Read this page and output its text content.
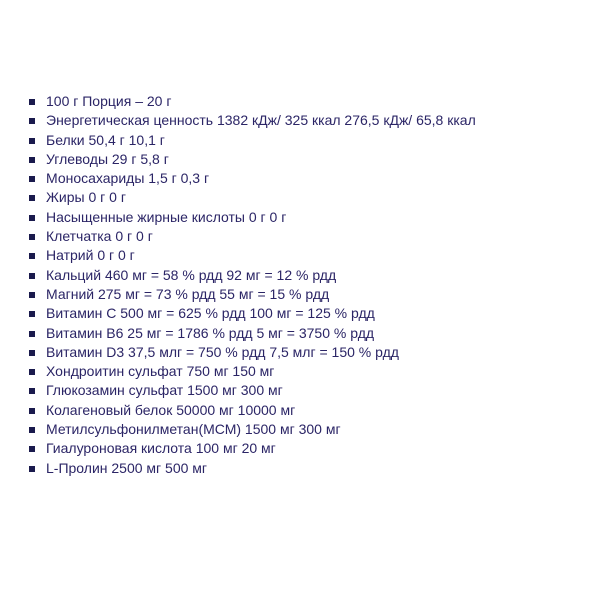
100 г Порция – 20 г
Энергетическая ценность 1382 кДж/ 325 ккал 276,5 кДж/ 65,8 ккал
Белки 50,4 г 10,1 г
Углеводы 29 г 5,8 г
Моносахариды 1,5 г 0,3 г
Жиры 0 г 0 г
Насыщенные жирные кислоты 0 г 0 г
Клетчатка 0 г 0 г
Натрий 0 г 0 г
Кальций 460 мг = 58 % рдд 92 мг = 12 % рдд
Магний 275 мг = 73 % рдд 55 мг = 15 % рдд
Витамин С 500 мг = 625 % рдд 100 мг = 125 % рдд
Витамин В6 25 мг = 1786 % рдд 5 мг = 3750 % рдд
Витамин D3 37,5 млг = 750 % рдд 7,5 млг = 150 % рдд
Хондроитин сульфат 750 мг 150 мг
Глюкозамин сульфат 1500 мг 300 мг
Колагеновый белок 50000 мг 10000 мг
Метилсульфонилметан(МСМ) 1500 мг 300 мг
Гиалуроновая кислота 100 мг 20 мг
L-Пролин 2500 мг 500 мг
